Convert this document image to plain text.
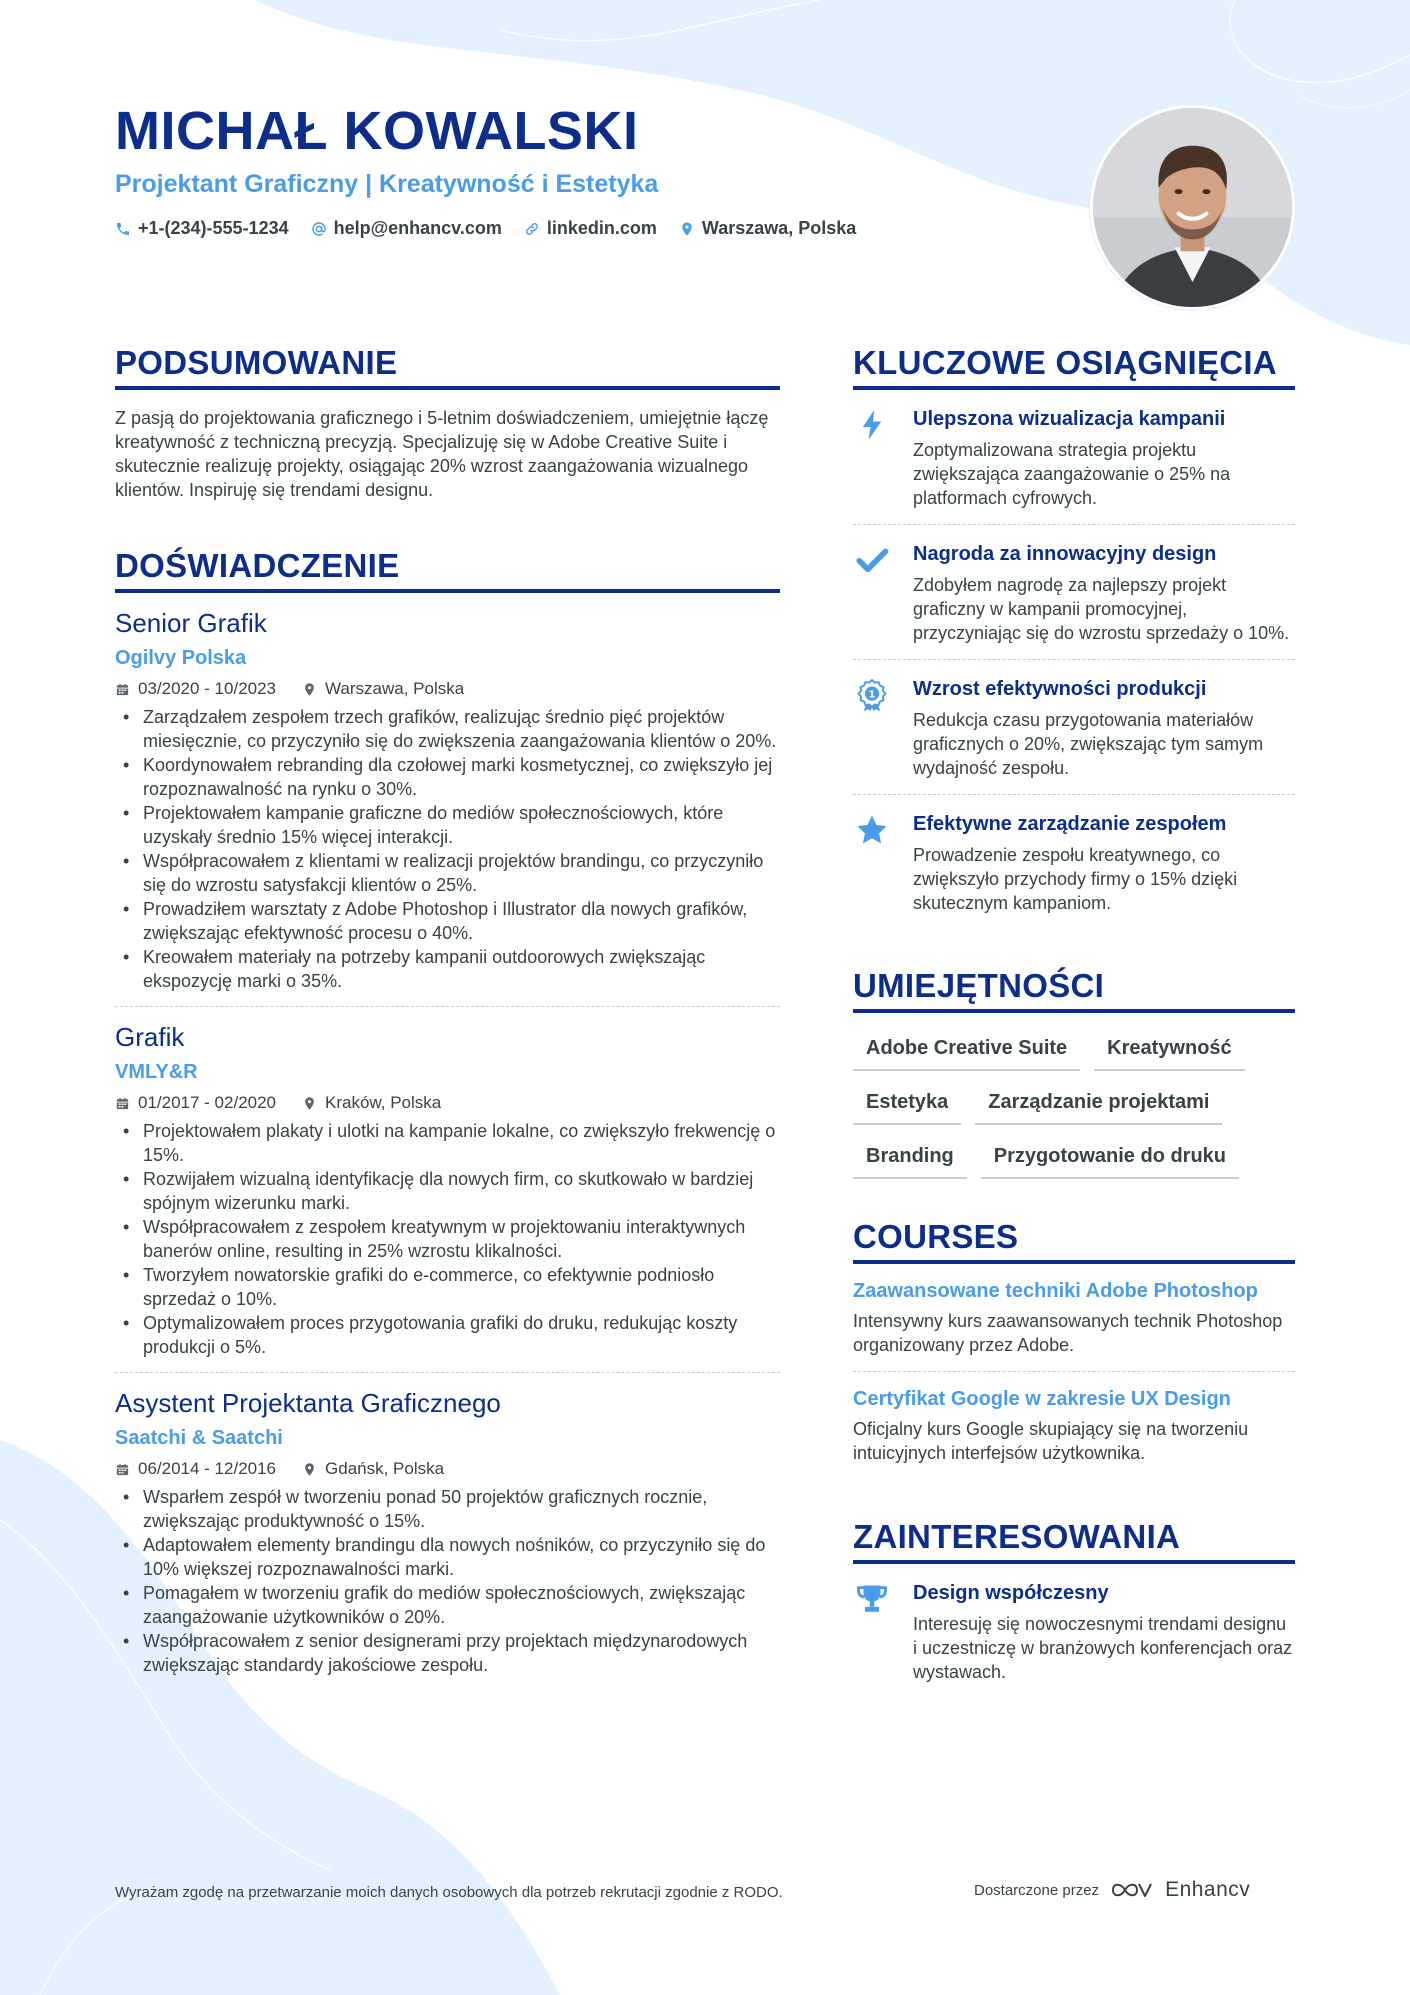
MICHAŁ KOWALSKI
Projektant Graficzny | Kreatywność i Estetyka
+1-(234)-555-1234	help@enhancv.com	linkedin.com	Warszawa, Polska
PODSUMOWANIE

Z pasją do projektowania graficznego i 5-letnim doświadczeniem, umiejętnie łączę kreatywność z techniczną precyzją. Specjalizuję się w Adobe Creative Suite i skutecznie realizuję projekty, osiągając 20% wzrost zaangażowania wizualnego klientów. Inspiruję się trendami designu.

DOŚWIADCZENIE
Senior Grafik
Ogilvy Polska
03/2020 - 10/2023	Warszawa, Polska
• Zarządzałem zespołem trzech grafików, realizując średnio pięć projektów miesięcznie, co przyczyniło się do zwiększenia zaangażowania klientów o 20%.
• Koordynowałem rebranding dla czołowej marki kosmetycznej, co zwiększyło jej rozpoznawalność na rynku o 30%.
• Projektowałem kampanie graficzne do mediów społecznościowych, które uzyskały średnio 15% więcej interakcji.
• Współpracowałem z klientami w realizacji projektów brandingu, co przyczyniło się do wzrostu satysfakcji klientów o 25%.
• Prowadziłem warsztaty z Adobe Photoshop i Illustrator dla nowych grafików, zwiększając efektywność procesu o 40%.
• Kreowałem materiały na potrzeby kampanii outdoorowych zwiększając ekspozycję marki o 35%.
Grafik
VMLY&R
01/2017 - 02/2020	Kraków, Polska
• Projektowałem plakaty i ulotki na kampanie lokalne, co zwiększyło frekwencję o 15%.
• Rozwijałem wizualną identyfikację dla nowych firm, co skutkowało w bardziej spójnym wizerunku marki.
• Współpracowałem z zespołem kreatywnym w projektowaniu interaktywnych banerów online, resulting in 25% wzrostu klikalności.
• Tworzyłem nowatorskie grafiki do e-commerce, co efektywnie podniosło sprzedaż o 10%.
• Optymalizowałem proces przygotowania grafiki do druku, redukując koszty produkcji o 5%.
Asystent Projektanta Graficznego
Saatchi & Saatchi
06/2014 - 12/2016	Gdańsk, Polska
• Wsparłem zespół w tworzeniu ponad 50 projektów graficznych rocznie, zwiększając produktywność o 15%.
• Adaptowałem elementy brandingu dla nowych nośników, co przyczyniło się do 10% większej rozpoznawalności marki.
• Pomagałem w tworzeniu grafik do mediów społecznościowych, zwiększając zaangażowanie użytkowników o 20%.
• Współpracowałem z senior designerami przy projektach międzynarodowych zwiększając standardy jakościowe zespołu.
KLUCZOWE OSIĄGNIĘCIA
Ulepszona wizualizacja kampanii
Zoptymalizowana strategia projektu zwiększająca zaangażowanie o 25% na platformach cyfrowych.
Nagroda za innowacyjny design
Zdobyłem nagrodę za najlepszy projekt graficzny w kampanii promocyjnej, przyczyniając się do wzrostu sprzedaży o 10%.
1 Wzrost efektywności produkcji
Redukcja czasu przygotowania materiałów graficznych o 20%, zwiększając tym samym wydajność zespołu.
Efektywne zarządzanie zespołem
Prowadzenie zespołu kreatywnego, co zwiększyło przychody firmy o 15% dzięki skutecznym kampaniom.
UMIEJĘTNOŚCI
Adobe Creative Suite	Kreatywność
Estetyka	Zarządzanie projektami
Branding	Przygotowanie do druku
COURSES
Zaawansowane techniki Adobe Photoshop
Intensywny kurs zaawansowanych technik Photoshop organizowany przez Adobe.
Certyfikat Google w zakresie UX Design
Oficjalny kurs Google skupiający się na tworzeniu intuicyjnych interfejsów użytkownika.
ZAINTERESOWANIA
Design współczesny
Interesuję się nowoczesnymi trendami designu i uczestniczę w branżowych konferencjach oraz wystawach.
Wyrażam zgodę na przetwarzanie moich danych osobowych dla potrzeb rekrutacji zgodnie z RODO.	Dostarczone przez	Enhancv
